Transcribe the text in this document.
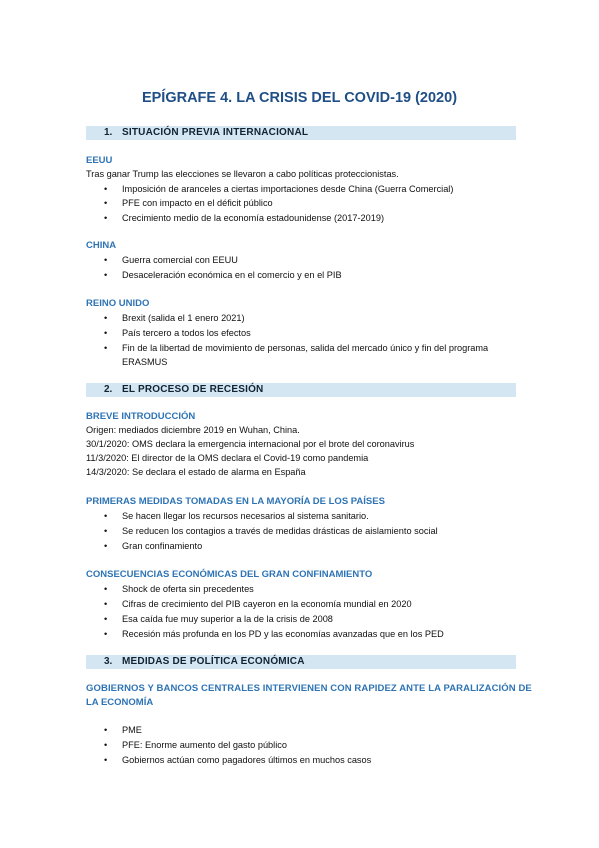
EPÍGRAFE 4. LA CRISIS DEL COVID-19 (2020)
1. SITUACIÓN PREVIA INTERNACIONAL
EEUU
Tras ganar Trump las elecciones se llevaron a cabo políticas proteccionistas.
• Imposición de aranceles a ciertas importaciones desde China (Guerra Comercial)
• PFE con impacto en el déficit público
• Crecimiento medio de la economía estadounidense (2017-2019)
CHINA
• Guerra comercial con EEUU
• Desaceleración económica en el comercio y en el PIB
REINO UNIDO
• Brexit (salida el 1 enero 2021)
• País tercero a todos los efectos
• Fin de la libertad de movimiento de personas, salida del mercado único y fin del programa
ERASMUS
2. EL PROCESO DE RECESIÓN
BREVE INTRODUCCIÓN
Origen: mediados diciembre 2019 en Wuhan, China.
30/1/2020: OMS declara la emergencia internacional por el brote del coronavirus
11/3/2020: El director de la OMS declara el Covid-19 como pandemia
14/3/2020: Se declara el estado de alarma en España
PRIMERAS MEDIDAS TOMADAS EN LA MAYORÍA DE LOS PAÍSES
• Se hacen llegar los recursos necesarios al sistema sanitario.
• Se reducen los contagios a través de medidas drásticas de aislamiento social
• Gran confinamiento
CONSECUENCIAS ECONÓMICAS DEL GRAN CONFINAMIENTO
• Shock de oferta sin precedentes
• Cifras de crecimiento del PIB cayeron en la economía mundial en 2020
• Esa caída fue muy superior a la de la crisis de 2008
• Recesión más profunda en los PD y las economías avanzadas que en los PED
3. MEDIDAS DE POLÍTICA ECONÓMICA
GOBIERNOS Y BANCOS CENTRALES INTERVIENEN CON RAPIDEZ ANTE LA PARALIZACIÓN DE
LA ECONOMÍA
• PME
• PFE: Enorme aumento del gasto público
• Gobiernos actúan como pagadores últimos en muchos casos
